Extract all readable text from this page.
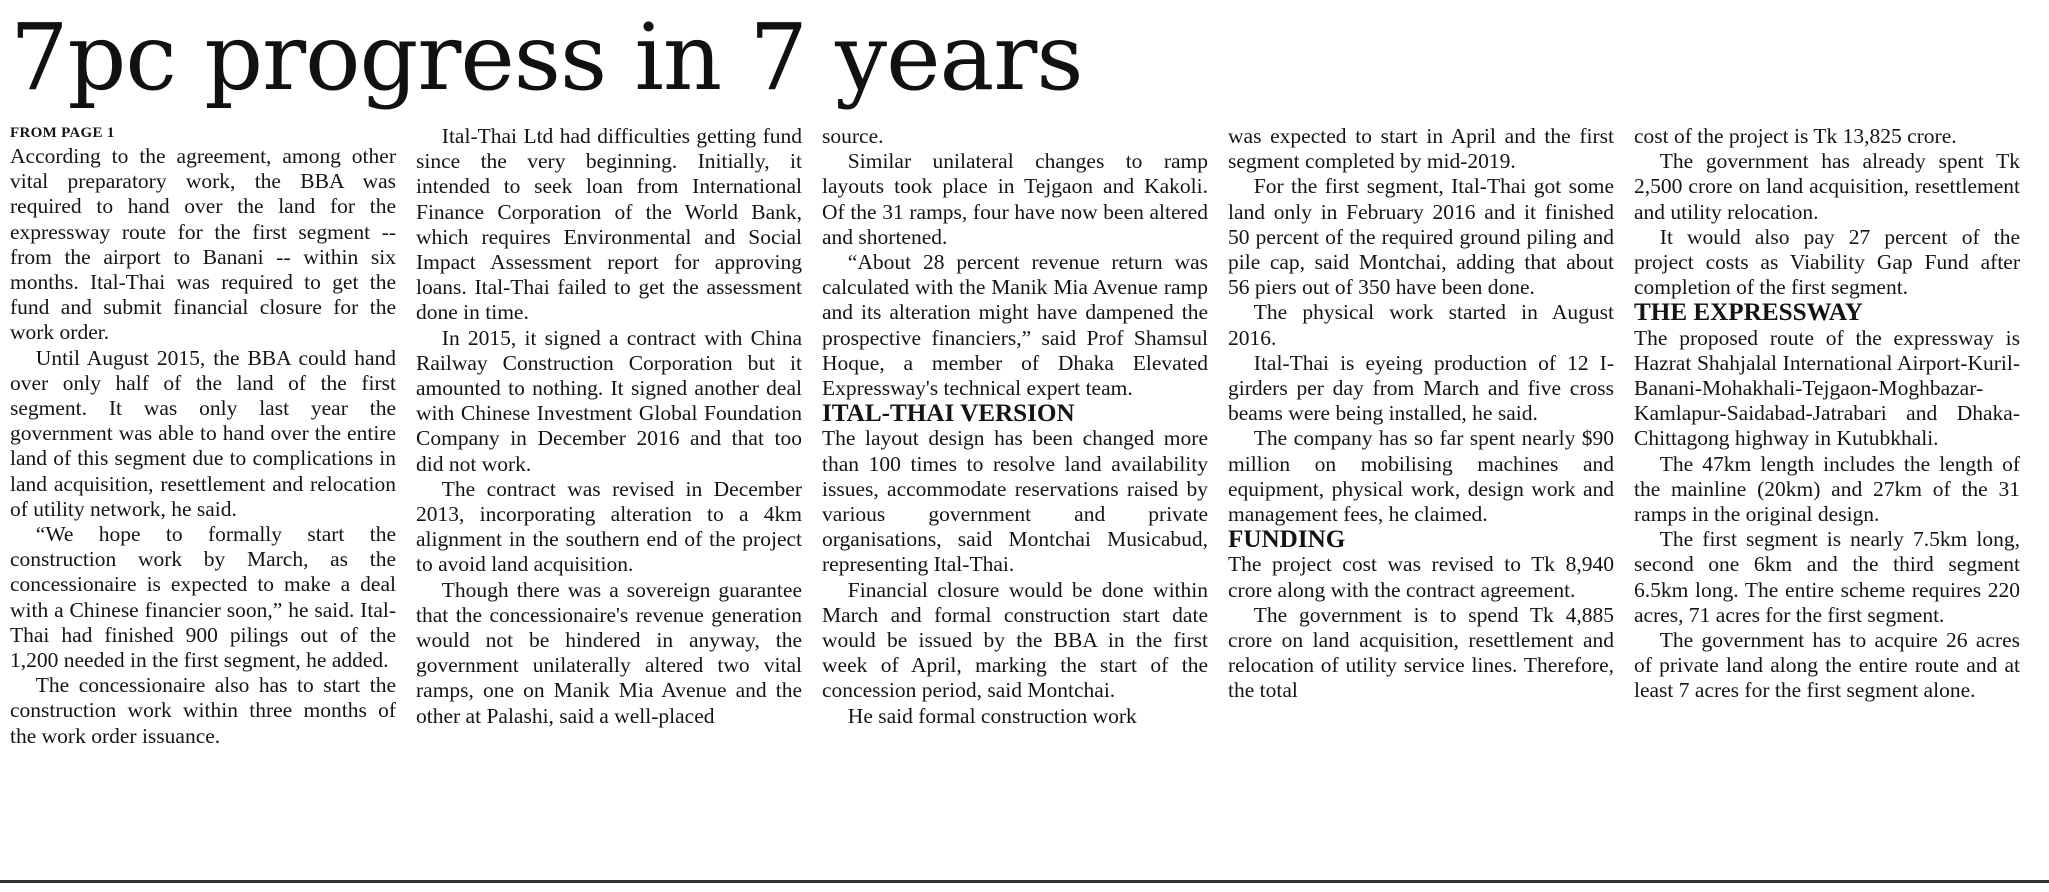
7pc progress in 7 years
FROM PAGE 1

According to the agreement, among other vital preparatory work, the BBA was required to hand over the land for the expressway route for the first segment -- from the airport to Banani -- within six months. Ital-Thai was required to get the fund and submit financial closure for the work order.

Until August 2015, the BBA could hand over only half of the land of the first segment. It was only last year the government was able to hand over the entire land of this segment due to complications in land acquisition, resettlement and relocation of utility network, he said.

“We hope to formally start the construction work by March, as the concessionaire is expected to make a deal with a Chinese financier soon,” he said. Ital-Thai had finished 900 pilings out of the 1,200 needed in the first segment, he added.

The concessionaire also has to start the construction work within three months of the work order issuance.

Ital-Thai Ltd had difficulties getting fund since the very beginning. Initially, it intended to seek loan from International Finance Corporation of the World Bank, which requires Environmental and Social Impact Assessment report for approving loans. Ital-Thai failed to get the assessment done in time.

In 2015, it signed a contract with China Railway Construction Corporation but it amounted to nothing. It signed another deal with Chinese Investment Global Foundation Company in December 2016 and that too did not work.

The contract was revised in December 2013, incorporating alteration to a 4km alignment in the southern end of the project to avoid land acquisition.

Though there was a sovereign guarantee that the concessionaire's revenue generation would not be hindered in anyway, the government unilaterally altered two vital ramps, one on Manik Mia Avenue and the other at Palashi, said a well-placed

source.

Similar unilateral changes to ramp layouts took place in Tejgaon and Kakoli. Of the 31 ramps, four have now been altered and shortened.

“About 28 percent revenue return was calculated with the Manik Mia Avenue ramp and its alteration might have dampened the prospective financiers,” said Prof Shamsul Hoque, a member of Dhaka Elevated Expressway's technical expert team.

ITAL-THAI VERSION

The layout design has been changed more than 100 times to resolve land availability issues, accommodate reservations raised by various government and private organisations, said Montchai Musicabud, representing Ital-Thai.

Financial closure would be done within March and formal construction start date would be issued by the BBA in the first week of April, marking the start of the concession period, said Montchai.

He said formal construction work

was expected to start in April and the first segment completed by mid-2019.

For the first segment, Ital-Thai got some land only in February 2016 and it finished 50 percent of the required ground piling and pile cap, said Montchai, adding that about 56 piers out of 350 have been done.

The physical work started in August 2016.

Ital-Thai is eyeing production of 12 I-girders per day from March and five cross beams were being installed, he said.

The company has so far spent nearly $90 million on mobilising machines and equipment, physical work, design work and management fees, he claimed.

FUNDING

The project cost was revised to Tk 8,940 crore along with the contract agreement.

The government is to spend Tk 4,885 crore on land acquisition, resettlement and relocation of utility service lines. Therefore, the total

cost of the project is Tk 13,825 crore.

The government has already spent Tk 2,500 crore on land acquisition, resettlement and utility relocation.

It would also pay 27 percent of the project costs as Viability Gap Fund after completion of the first segment.

THE EXPRESSWAY

The proposed route of the expressway is Hazrat Shahjalal International Airport-Kuril-Banani-Mohakhali-Tejgaon-Moghbazar-Kamlapur-Saidabad-Jatrabari and Dhaka-Chittagong highway in Kutubkhali.

The 47km length includes the length of the mainline (20km) and 27km of the 31 ramps in the original design.

The first segment is nearly 7.5km long, second one 6km and the third segment 6.5km long. The entire scheme requires 220 acres, 71 acres for the first segment.

The government has to acquire 26 acres of private land along the entire route and at least 7 acres for the first segment alone.
